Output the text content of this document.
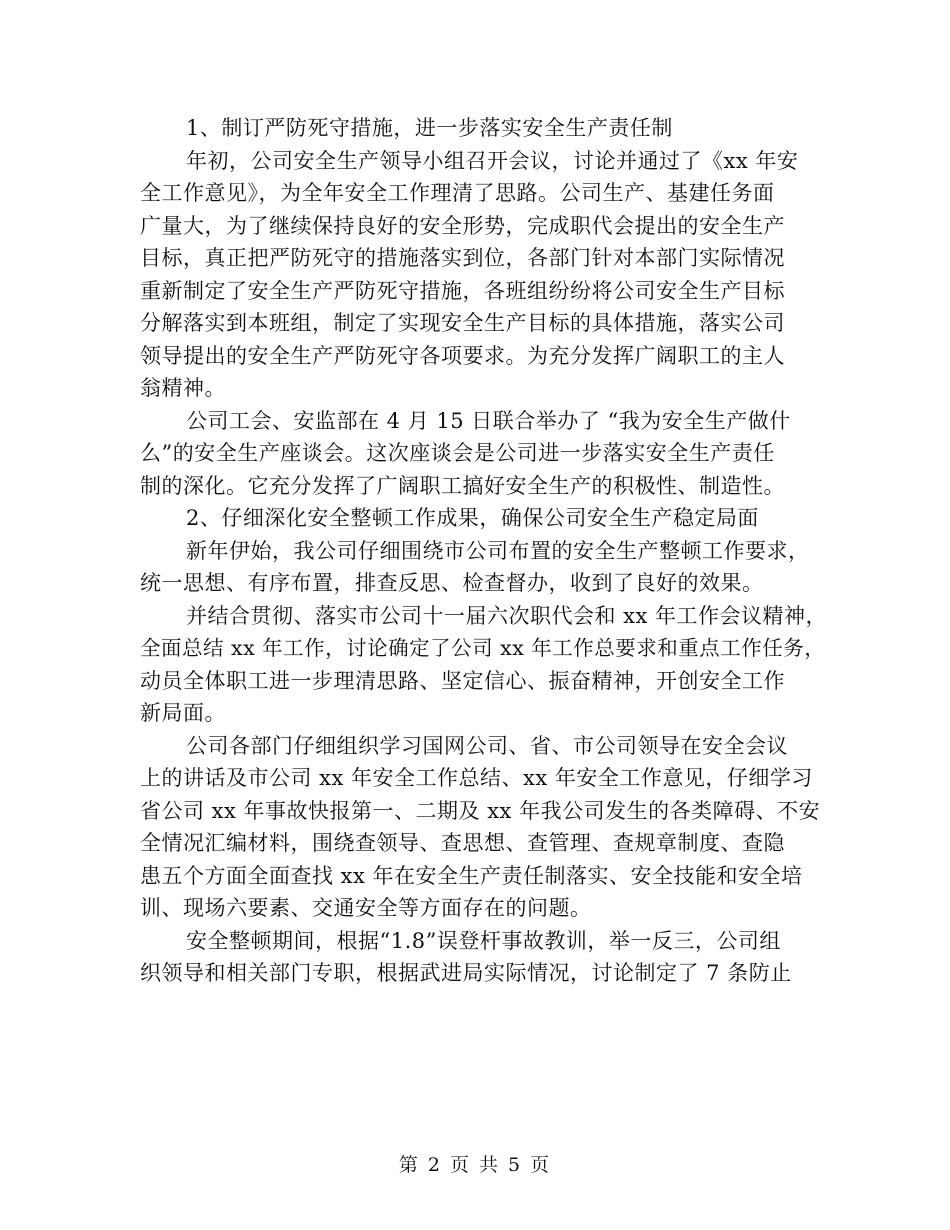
1、制订严防死守措施，进一步落实安全生产责任制
年初，公司安全生产领导小组召开会议，讨论并通过了《xx 年安
全工作意见》，为全年安全工作理清了思路。公司生产、基建任务面
广量大，为了继续保持良好的安全形势，完成职代会提出的安全生产
目标，真正把严防死守的措施落实到位，各部门针对本部门实际情况
重新制定了安全生产严防死守措施，各班组纷纷将公司安全生产目标
分解落实到本班组，制定了实现安全生产目标的具体措施，落实公司
领导提出的安全生产严防死守各项要求。为充分发挥广阔职工的主人
翁精神。
公司工会、安监部在 4 月 15 日联合举办了 “我为安全生产做什
么”的安全生产座谈会。这次座谈会是公司进一步落实安全生产责任
制的深化。它充分发挥了广阔职工搞好安全生产的积极性、制造性。
2、仔细深化安全整顿工作成果，确保公司安全生产稳定局面
新年伊始，我公司仔细围绕市公司布置的安全生产整顿工作要求，
统一思想、有序布置，排查反思、检查督办，收到了良好的效果。
并结合贯彻、落实市公司十一届六次职代会和 xx 年工作会议精神，
全面总结 xx 年工作，讨论确定了公司 xx 年工作总要求和重点工作任务，
动员全体职工进一步理清思路、坚定信心、振奋精神，开创安全工作
新局面。
公司各部门仔细组织学习国网公司、省、市公司领导在安全会议
上的讲话及市公司 xx 年安全工作总结、xx 年安全工作意见，仔细学习
省公司 xx 年事故快报第一、二期及 xx 年我公司发生的各类障碍、不安
全情况汇编材料，围绕查领导、查思想、查管理、查规章制度、查隐
患五个方面全面查找 xx 年在安全生产责任制落实、安全技能和安全培
训、现场六要素、交通安全等方面存在的问题。
安全整顿期间，根据“1.8”误登杆事故教训，举一反三，公司组
织领导和相关部门专职，根据武进局实际情况，讨论制定了 7 条防止
第 2 页 共 5 页
